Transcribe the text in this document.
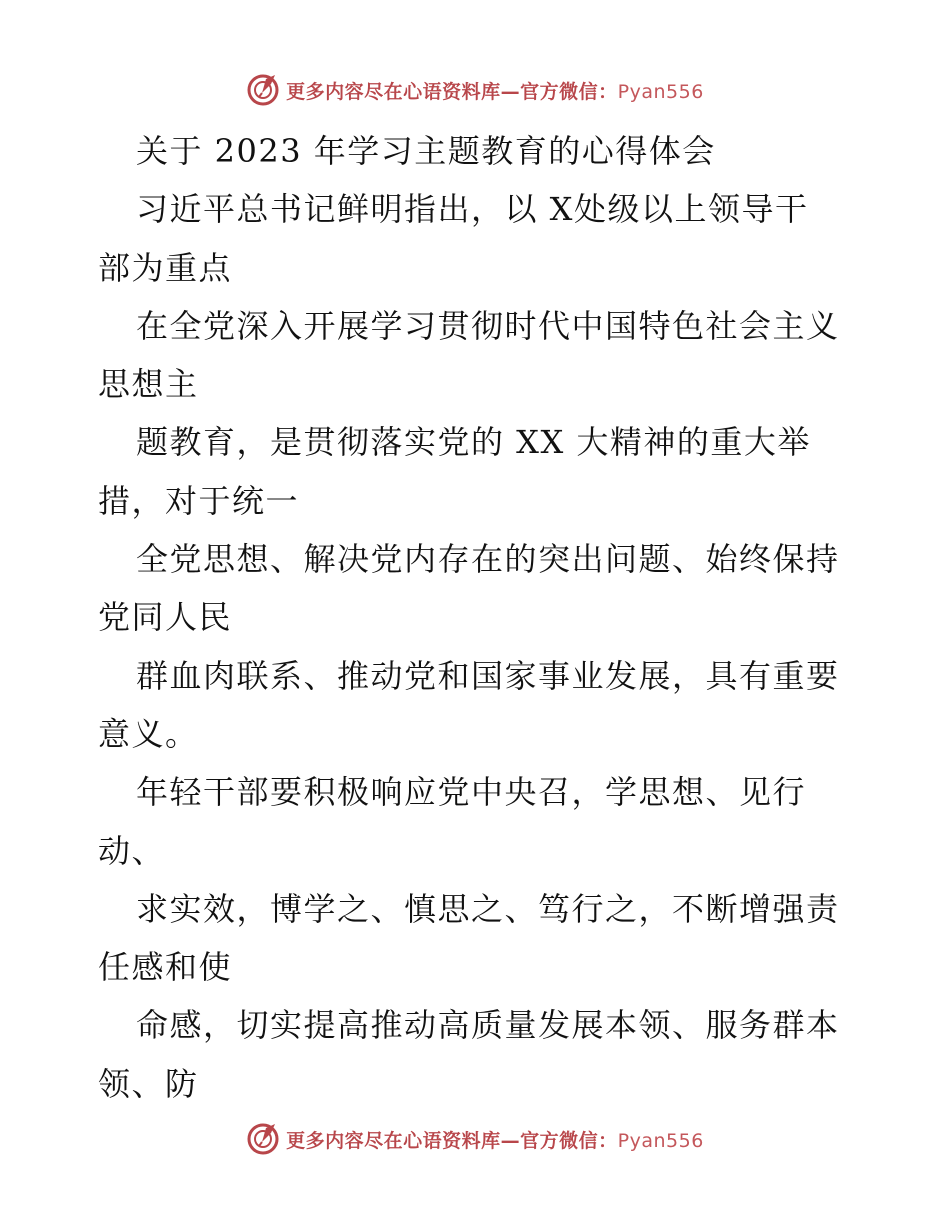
更多内容尽在心语资料库—官方微信：Pyan556
关于 2023 年学习主题教育的心得体会
习近平总书记鲜明指出，以 X处级以上领导干
部为重点
在全党深入开展学习贯彻时代中国特色社会主义
思想主
题教育，是贯彻落实党的 XX 大精神的重大举
措，对于统一
全党思想、解决党内存在的突出问题、始终保持
党同人民
群血肉联系、推动党和国家事业发展，具有重要
意义。
年轻干部要积极响应党中央召，学思想、见行
动、
求实效，博学之、慎思之、笃行之，不断增强责
任感和使
命感，切实提高推动高质量发展本领、服务群本
领、防
更多内容尽在心语资料库—官方微信：Pyan556
